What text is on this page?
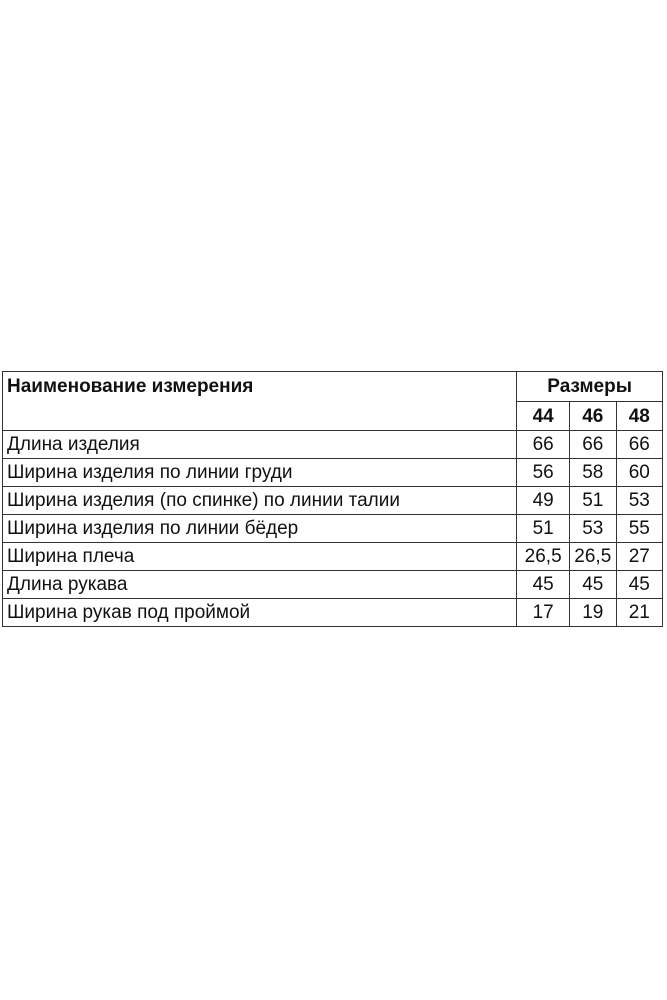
Наименование измерения	Размеры		
	44	46	48
Длина изделия	66	66	66
Ширина изделия по линии груди	56	58	60
Ширина изделия (по спинке) по линии талии	49	51	53
Ширина изделия по линии бёдер	51	53	55
Ширина плеча	26,5	26,5	27
Длина рукава	45	45	45
Ширина рукав под проймой	17	19	21
